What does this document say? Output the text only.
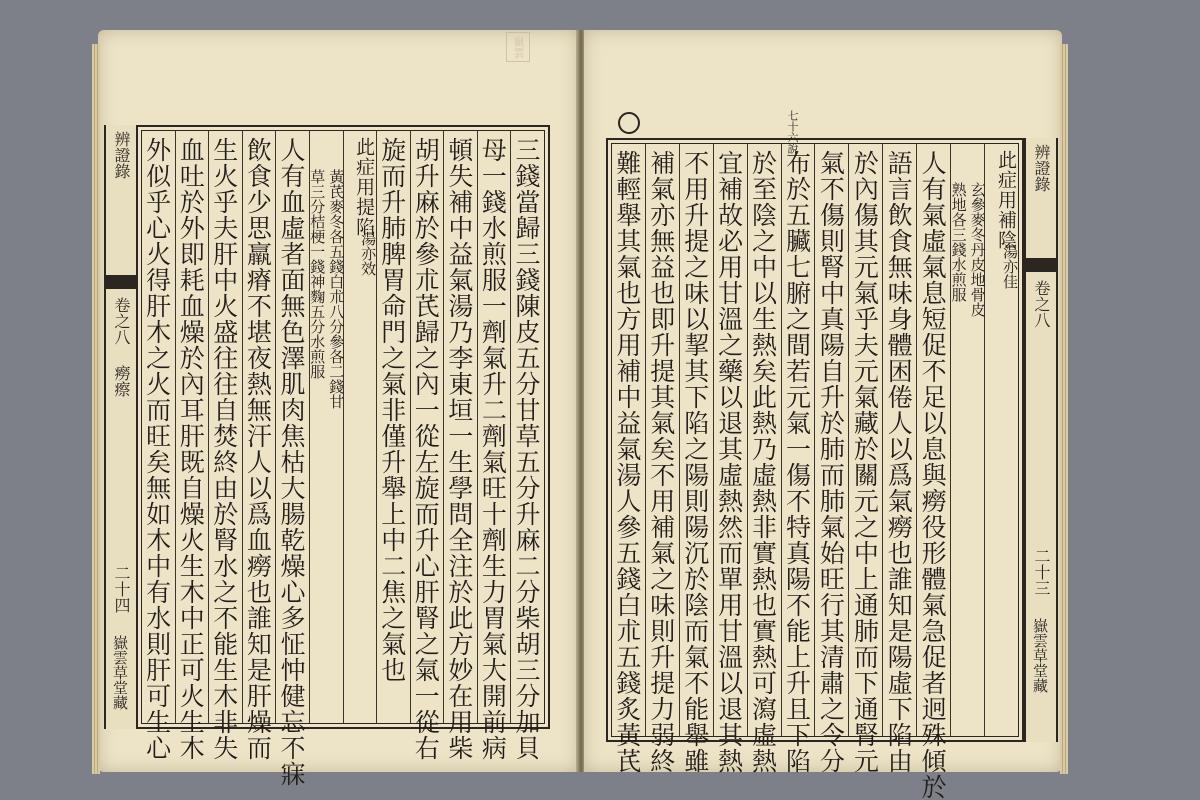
嶽雲
三錢當歸三錢陳皮五分甘草五分升麻二分柴胡三分加貝
母一錢水煎服一劑氣升二劑氣旺十劑生力胃氣大開前病
頓失補中益氣湯乃李東垣一生學問全注於此方妙在用柴
胡升麻於參朮芪歸之內一從左旋而升心肝腎之氣一從右
旋而升肺脾胃命門之氣非僅升舉上中二焦之氣也
此症用提陷
湯亦效
黃芪麥冬各五錢白朮八分參各二錢甘
草三分桔梗一錢神麴五分水煎服
人有血虛者面無色澤肌肉焦枯大腸乾燥心多怔忡健忘不寐
飲食少思羸瘠不堪夜熱無汗人以爲血癆也誰知是肝燥而
生火乎夫肝中火盛往往自焚終由於腎水之不能生木非失
血吐於外即耗血燥於內耳肝既自燥火生木中正可火生木
外似乎心火得肝木之火而旺矣無如木中有水則肝可生心
辨證錄
卷之八
癆瘵
二十四
嶽雲草堂藏
七十六說
此症用補陰
湯亦佳
玄參麥冬丹皮地骨皮
熟地各三錢水煎服
人有氣虛氣息短促不足以息與癆役形體氣急促者迥殊傾於
語言飲食無味身體困倦人以爲氣癆也誰知是陽虛下陷由
於內傷其元氣乎夫元氣藏於關元之中上通肺而下通腎元
氣不傷則腎中真陽自升於肺而肺氣始旺行其清肅之令分
布於五臟七腑之間若元氣一傷不特真陽不能上升且下陷
於至陰之中以生熱矣此熱乃虛熱非實熱也實熱可瀉虛熱
宜補故必用甘溫之藥以退其虛熱然而單用甘溫以退其熱
不用升提之味以挈其下陷之陽則陽沉於陰而氣不能舉雖
補氣亦無益也即升提其氣矣不用補氣之味則升提力弱終
難輕舉其氣也方用補中益氣湯人參五錢白朮五錢炙黃芪	辨證錄
卷之八
二十三
嶽雲草堂藏
